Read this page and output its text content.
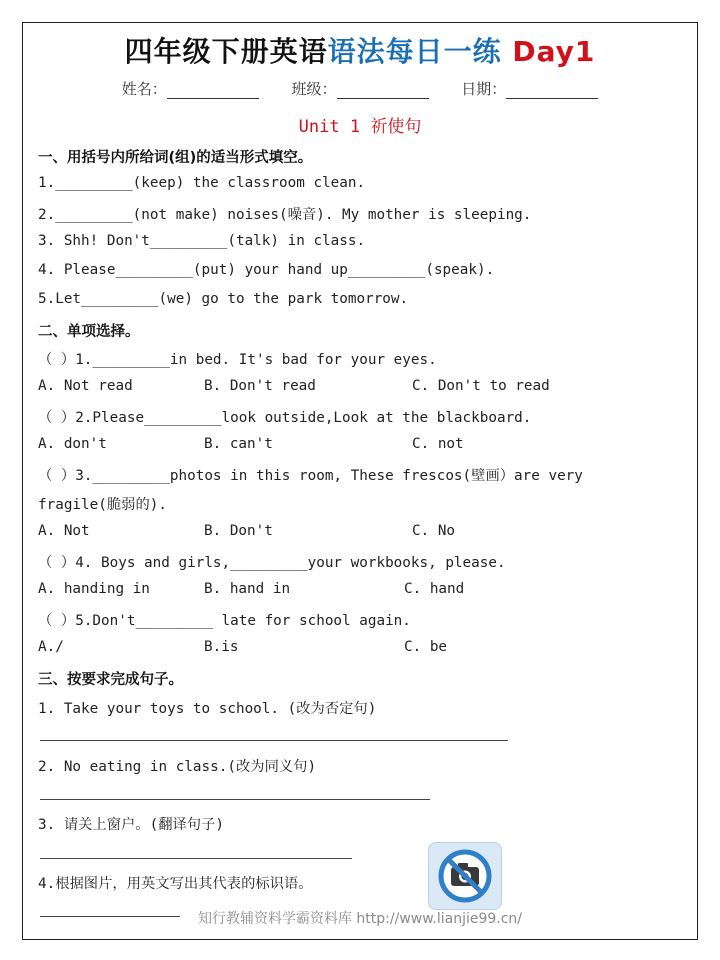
四年级下册英语语法每日一练 Day1
姓名：	班级：	日期：
Unit 1 祈使句
一、用括号内所给词(组)的适当形式填空。
1._________(keep) the classroom clean.
2._________(not make) noises(噪音). My mother is sleeping.
3. Shh! Don't_________(talk) in class.
4. Please_________(put) your hand up_________(speak).
5.Let_________(we) go to the park tomorrow.
二、单项选择。
（ ）1._________in bed. It's bad for your eyes.
A. Not read	B. Don't read	C. Don't to read
（ ）2.Please_________look outside,Look at the blackboard.
A. don't	B. can't	C. not
（ ）3._________photos in this room, These frescos(壁画）are very
fragile(脆弱的).
A. Not	B. Don't	C. No
（ ）4. Boys and girls,_________your workbooks, please.
A. handing in	B. hand in	C. hand
（ ）5.Don't_________ late for school again.
A./	B.is	C. be
三、按要求完成句子。
1. Take your toys to school. (改为否定句)
2. No eating in class.(改为同义句)
3. 请关上窗户。(翻译句子)
4.根据图片，用英文写出其代表的标识语。
知行教辅资料学霸资料库 http://www.lianjie99.cn/
